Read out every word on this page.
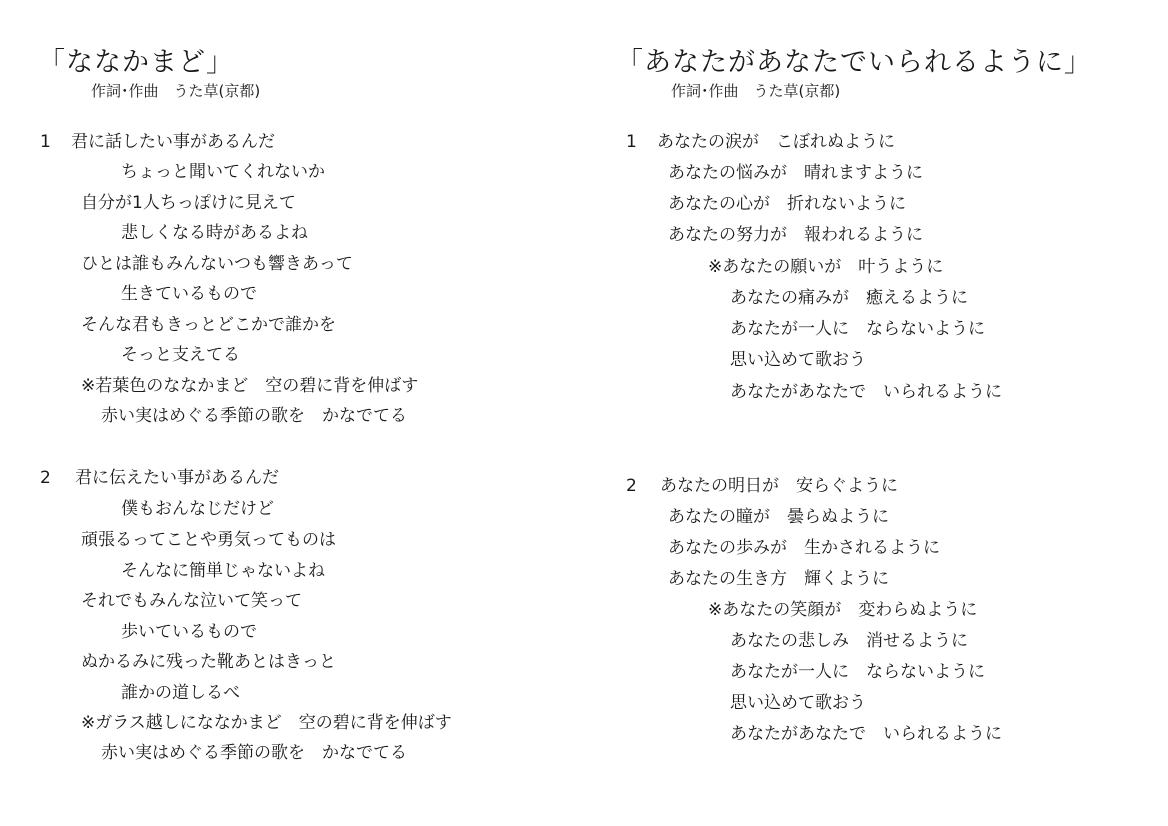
「ななかまど」
作詞･作曲　うた草(京都)
1 君に話したい事があるんだ
ちょっと聞いてくれないか
自分が1人ちっぽけに見えて
悲しくなる時があるよね
ひとは誰もみんないつも響きあって
生きているもので
そんな君もきっとどこかで誰かを
そっと支えてる
※若葉色のななかまど　空の碧に背を伸ばす
赤い実はめぐる季節の歌を　かなでてる
2 君に伝えたい事があるんだ
僕もおんなじだけど
頑張るってことや勇気ってものは
そんなに簡単じゃないよね
それでもみんな泣いて笑って
歩いているもので
ぬかるみに残った靴あとはきっと
誰かの道しるべ
※ガラス越しにななかまど　空の碧に背を伸ばす
赤い実はめぐる季節の歌を　かなでてる
「あなたがあなたでいられるように」
作詞･作曲　うた草(京都)
1 あなたの涙が　こぼれぬように
あなたの悩みが　晴れますように
あなたの心が　折れないように
あなたの努力が　報われるように
※あなたの願いが　叶うように
あなたの痛みが　癒えるように
あなたが一人に　ならないように
思い込めて歌おう
あなたがあなたで　いられるように
2 あなたの明日が　安らぐように
あなたの瞳が　曇らぬように
あなたの歩みが　生かされるように
あなたの生き方　輝くように
※あなたの笑顔が　変わらぬように
あなたの悲しみ　消せるように
あなたが一人に　ならないように
思い込めて歌おう
あなたがあなたで　いられるように
